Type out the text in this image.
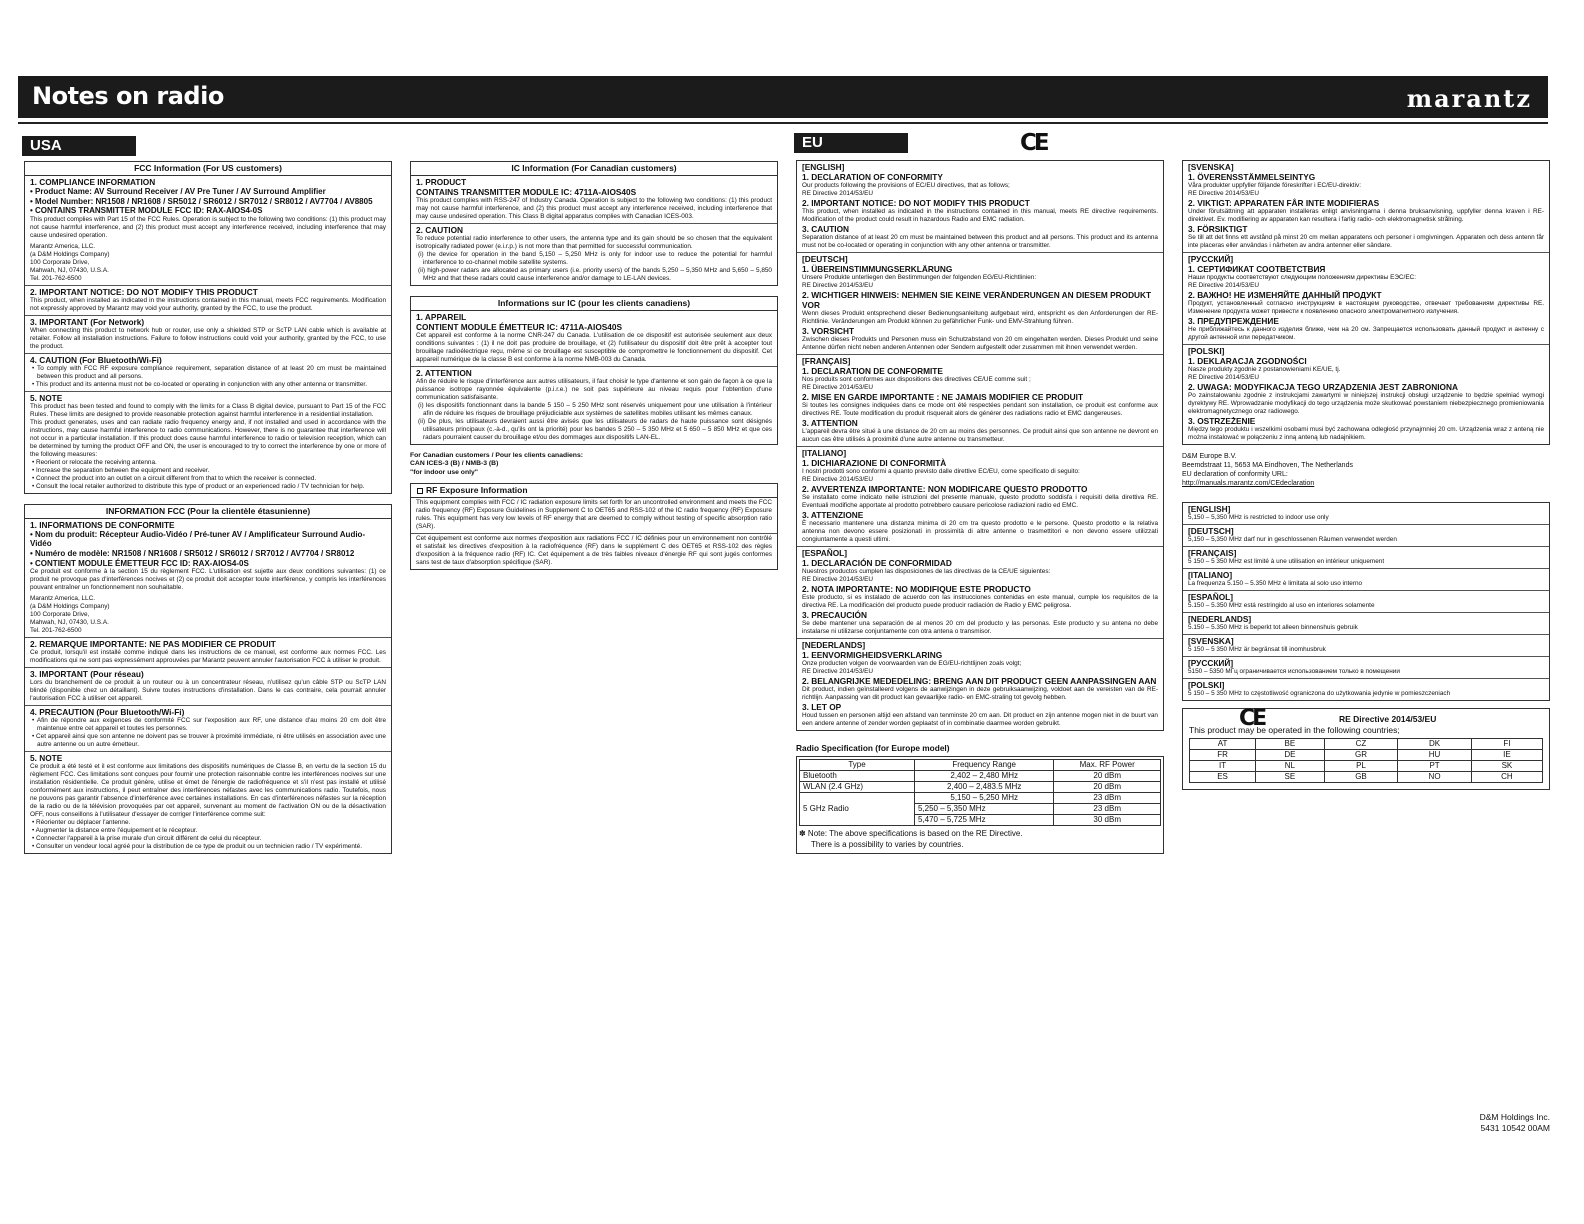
Notes on radio	marantz
USA CANADA
EU	CE
FCC Information (For US customers)
1. COMPLIANCE INFORMATION
• Product Name: AV Surround Receiver / AV Pre Tuner / AV Surround Amplifier
• Model Number: NR1508 / NR1608 / SR5012 / SR6012 / SR7012 / SR8012 / AV7704 / AV8805
• CONTAINS TRANSMITTER MODULE FCC ID: RAX-AIOS4-0S
This product complies with Part 15 of the FCC Rules. Operation is subject to the following two conditions: (1) this product may not cause harmful interference, and (2) this product must accept any interference received, including interference that may cause undesired operation.
Marantz America, LLC.
(a D&M Holdings Company)
100 Corporate Drive,
Mahwah, NJ, 07430, U.S.A.
Tel. 201-762-6500
2. IMPORTANT NOTICE: DO NOT MODIFY THIS PRODUCT
This product, when installed as indicated in the instructions contained in this manual, meets FCC requirements. Modification not expressly approved by Marantz may void your authority, granted by the FCC, to use the product.
3. IMPORTANT (For Network)
When connecting this product to network hub or router, use only a shielded STP or ScTP LAN cable which is available at retailer. Follow all installation instructions. Failure to follow instructions could void your authority, granted by the FCC, to use the product.
4. CAUTION (For Bluetooth/Wi-Fi)
• To comply with FCC RF exposure compliance requirement, separation distance of at least 20 cm must be maintained between this product and all persons.
• This product and its antenna must not be co-located or operating in conjunction with any other antenna or transmitter.
5. NOTE
This product has been tested and found to comply with the limits for a Class B digital device, pursuant to Part 15 of the FCC Rules. These limits are designed to provide reasonable protection against harmful interference in a residential installation.
This product generates, uses and can radiate radio frequency energy and, if not installed and used in accordance with the instructions, may cause harmful interference to radio communications. However, there is no guarantee that interference will not occur in a particular installation. If this product does cause harmful interference to radio or television reception, which can be determined by turning the product OFF and ON, the user is encouraged to try to correct the interference by one or more of the following measures:
• Reorient or relocate the receiving antenna.
• Increase the separation between the equipment and receiver.
• Connect the product into an outlet on a circuit different from that to which the receiver is connected.
• Consult the local retailer authorized to distribute this type of product or an experienced radio / TV technician for help.
INFORMATION FCC (Pour la clientèle étasunienne)
1. INFORMATIONS DE CONFORMITE
• Nom du produit: Récepteur Audio-Vidéo / Pré-tuner AV / Amplificateur Surround Audio-Vidéo
• Numéro de modèle: NR1508 / NR1608 / SR5012 / SR6012 / SR7012 / AV7704 / SR8012
• CONTIENT MODULE ÉMETTEUR FCC ID: RAX-AIOS4-0S
Ce produit est conforme à la section 15 du règlement FCC. L'utilisation est sujette aux deux conditions suivantes: (1) ce produit ne provoque pas d'interférences nocives et (2) ce produit doit accepter toute interférence, y compris les interférences pouvant entraîner un fonctionnement non souhaitable.
Marantz America, LLC.
(a D&M Holdings Company)
100 Corporate Drive,
Mahwah, NJ, 07430, U.S.A.
Tel. 201-762-6500
2. REMARQUE IMPORTANTE: NE PAS MODIFIER CE PRODUIT
Ce produit, lorsqu'il est installé comme indiqué dans les instructions de ce manuel, est conforme aux normes FCC. Les modifications qui ne sont pas expressément approuvées par Marantz peuvent annuler l'autorisation FCC à utiliser le produit.
3. IMPORTANT (Pour réseau)
Lors du branchement de ce produit à un routeur ou à un concentrateur réseau, n'utilisez qu'un câble STP ou ScTP LAN blindé (disponible chez un détaillant). Suivre toutes instructions d'installation. Dans le cas contraire, cela pourrait annuler l'autorisation FCC à utiliser cet appareil.
4. PRECAUTION (Pour Bluetooth/Wi-Fi)
• Afin de répondre aux exigences de conformité FCC sur l'exposition aux RF, une distance d'au moins 20 cm doit être maintenue entre cet appareil et toutes les personnes.
• Cet appareil ainsi que son antenne ne doivent pas se trouver à proximité immédiate, ni être utilisés en association avec une autre antenne ou un autre émetteur.
5. NOTE
Ce produit a été testé et il est conforme aux limitations des dispositifs numériques de Classe B, en vertu de la section 15 du règlement FCC. Ces limitations sont conçues pour fournir une protection raisonnable contre les interférences nocives sur une installation résidentielle. Ce produit génère, utilise et émet de l'énergie de radiofréquence et s'il n'est pas installé et utilisé conformément aux instructions, il peut entraîner des interférences néfastes avec les communications radio. Toutefois, nous ne pouvons pas garantir l'absence d'interférence avec certaines installations. En cas d'interférences néfastes sur la réception de la radio ou de la télévision provoquées par cet appareil, survenant au moment de l'activation ON ou de la désactivation OFF, nous conseillons à l'utilisateur d'essayer de corriger l'interférence comme suit:
• Réorienter ou déplacer l'antenne.
• Augmenter la distance entre l'équipement et le récepteur.
• Connecter l'appareil à la prise murale d'un circuit différent de celui du récepteur.
• Consulter un vendeur local agréé pour la distribution de ce type de produit ou un technicien radio / TV expérimenté.
IC Information (For Canadian customers)
1. PRODUCT
CONTAINS TRANSMITTER MODULE IC: 4711A-AIOS40S
This product complies with RSS-247 of Industry Canada. Operation is subject to the following two conditions: (1) this product may not cause harmful interference, and (2) this product must accept any interference received, including interference that may cause undesired operation. This Class B digital apparatus complies with Canadian ICES-003.
2. CAUTION
To reduce potential radio interference to other users, the antenna type and its gain should be so chosen that the equivalent isotropically radiated power (e.i.r.p.) is not more than that permitted for successful communication.
(i) the device for operation in the band 5,150 – 5,250 MHz is only for indoor use to reduce the potential for harmful interference to co-channel mobile satellite systems.
(ii) high-power radars are allocated as primary users (i.e. priority users) of the bands 5,250 – 5,350 MHz and 5,650 – 5,850 MHz and that these radars could cause interference and/or damage to LE-LAN devices.
Informations sur IC (pour les clients canadiens)
1. APPAREIL
CONTIENT MODULE ÉMETTEUR IC: 4711A-AIOS40S
Cet appareil est conforme à la norme CNR-247 du Canada. L'utilisation de ce dispositif est autorisée seulement aux deux conditions suivantes : (1) il ne doit pas produire de brouillage, et (2) l'utilisateur du dispositif doit être prêt à accepter tout brouillage radioélectrique reçu, même si ce brouillage est susceptible de compromettre le fonctionnement du dispositif. Cet appareil numérique de la classe B est conforme à la norme NMB-003 du Canada.
2. ATTENTION
Afin de réduire le risque d'interférence aux autres utilisateurs, il faut choisir le type d'antenne et son gain de façon à ce que la puissance isotrope rayonnée équivalente (p.i.r.e.) ne soit pas supérieure au niveau requis pour l'obtention d'une communication satisfaisante.
(i) les dispositifs fonctionnant dans la bande 5 150 – 5 250 MHz sont réservés uniquement pour une utilisation à l'intérieur afin de réduire les risques de brouillage préjudiciable aux systèmes de satellites mobiles utilisant les mêmes canaux.
(ii) De plus, les utilisateurs devraient aussi être avisés que les utilisateurs de radars de haute puissance sont désignés utilisateurs principaux (c.-à-d., qu'ils ont la priorité) pour les bandes 5 250 – 5 350 MHz et 5 650 – 5 850 MHz et que ces radars pourraient causer du brouillage et/ou des dommages aux dispositifs LAN-EL.
For Canadian customers / Pour les clients canadiens:
CAN ICES-3 (B) / NMB-3 (B)
"for indoor use only"
RF Exposure Information
This equipment complies with FCC / IC radiation exposure limits set forth for an uncontrolled environment and meets the FCC radio frequency (RF) Exposure Guidelines in Supplement C to OET65 and RSS-102 of the IC radio frequency (RF) Exposure rules. This equipment has very low levels of RF energy that are deemed to comply without testing of specific absorption ratio (SAR).
Cet équipement est conforme aux normes d'exposition aux radiations FCC / IC définies pour un environnement non contrôlé et satisfait les directives d'exposition à la radiofréquence (RF) dans le supplément C des OET65 et RSS-102 des règles d'exposition à la fréquence radio (RF) IC. Cet équipement a de très faibles niveaux d'énergie RF qui sont jugés conformes sans test de taux d'absorption spécifique (SAR).
[ENGLISH]
1. DECLARATION OF CONFORMITY
Our products following the provisions of EC/EU directives, that as follows;
RE Directive 2014/53/EU
2. IMPORTANT NOTICE: DO NOT MODIFY THIS PRODUCT
This product, when installed as indicated in the instructions contained in this manual, meets RE directive requirements. Modification of the product could result in hazardous Radio and EMC radiation.
3. CAUTION
Separation distance of at least 20 cm must be maintained between this product and all persons. This product and its antenna must not be co-located or operating in conjunction with any other antenna or transmitter.
[DEUTSCH]
1. ÜBEREINSTIMMUNGSERKLÄRUNG
Unsere Produkte unterliegen den Bestimmungen der folgenden EG/EU-Richtlinien:
RE Directive 2014/53/EU
2. WICHTIGER HINWEIS: NEHMEN SIE KEINE VERÄNDERUNGEN AN DIESEM PRODUKT VOR
Wenn dieses Produkt entsprechend dieser Bedienungsanleitung aufgebaut wird, entspricht es den Anforderungen der RE-Richtlinie. Veränderungen am Produkt können zu gefährlicher Funk- und EMV-Strahlung führen.
3. VORSICHT
Zwischen dieses Produkts und Personen muss ein Schutzabstand von 20 cm eingehalten werden. Dieses Produkt und seine Antenne dürfen nicht neben anderen Antennen oder Sendern aufgestellt oder zusammen mit ihnen verwendet werden.
[FRANÇAIS]
1. DECLARATION DE CONFORMITE
Nos produits sont conformes aux dispositions des directives CE/UE comme suit ;
RE Directive 2014/53/EU
2. MISE EN GARDE IMPORTANTE : NE JAMAIS MODIFIER CE PRODUIT
Si toutes les consignes indiquées dans ce mode ont été respectées pendant son installation, ce produit est conforme aux directives RE. Toute modification du produit risquerait alors de générer des radiations radio et EMC dangereuses.
3. ATTENTION
L'appareil devra être situé à une distance de 20 cm au moins des personnes. Ce produit ainsi que son antenne ne devront en aucun cas être utilisés à proximité d'une autre antenne ou transmetteur.
[ITALIANO]
1. DICHIARAZIONE DI CONFORMITÀ
I nostri prodotti sono conformi a quanto previsto dalle direttive EC/EU, come specificato di seguito:
RE Directive 2014/53/EU
2. AVVERTENZA IMPORTANTE: NON MODIFICARE QUESTO PRODOTTO
Se installato come indicato nelle istruzioni del presente manuale, questo prodotto soddisfa i requisiti della direttiva RE. Eventuali modifiche apportate al prodotto potrebbero causare pericolose radiazioni radio ed EMC.
3. ATTENZIONE
È necessario mantenere una distanza minima di 20 cm tra questo prodotto e le persone. Questo prodotto e la relativa antenna non devono essere posizionati in prossimità di altre antenne o trasmettitori e non devono essere utilizzati congiuntamente a questi ultimi.
[ESPAÑOL]
1. DECLARACIÓN DE CONFORMIDAD
Nuestros productos cumplen las disposiciones de las directivas de la CE/UE siguientes:
RE Directive 2014/53/EU
2. NOTA IMPORTANTE: NO MODIFIQUE ESTE PRODUCTO
Este producto, si es instalado de acuerdo con las instrucciones contenidas en este manual, cumple los requisitos de la directiva RE. La modificación del producto puede producir radiación de Radio y EMC peligrosa.
3. PRECAUCIÓN
Se debe mantener una separación de al menos 20 cm del producto y las personas. Este producto y su antena no debe instalarse ni utilizarse conjuntamente con otra antena o transmisor.
[NEDERLANDS]
1. EENVORMIGHEIDSVERKLARING
Onze producten volgen de voorwaarden van de EG/EU-richtlijnen zoals volgt;
RE Directive 2014/53/EU
2. BELANGRIJKE MEDEDELING: BRENG AAN DIT PRODUCT GEEN AANPASSINGEN AAN
Dit product, indien geïnstalleerd volgens de aanwijzingen in deze gebruiksaanwijzing, voldoet aan de vereisten van de RE-richtlijn. Aanpassing van dit product kan gevaarlijke radio- en EMC-straling tot gevolg hebben.
3. LET OP
Houd tussen en personen altijd een afstand van tenminste 20 cm aan. Dit product en zijn antenne mogen niet in de buurt van een andere antenne of zender worden geplaatst of in combinatie daarmee worden gebruikt.
Radio Specification (for Europe model)
Type	Frequency Range	Max. RF Power
Bluetooth	2,402 – 2,480 MHz	20 dBm
WLAN (2.4 GHz)	2,400 – 2,483.5 MHz	20 dBm
5 GHz Radio	5,150 – 5,250 MHz	23 dBm
	5,250 – 5,350 MHz	23 dBm
	5,470 – 5,725 MHz	30 dBm
✽ Note: The above specifications is based on the RE Directive.
There is a possibility to varies by countries.
[SVENSKA]
1. ÖVERENSSTÄMMELSEINTYG
Våra produkter uppfyller följande föreskrifter i EC/EU-direktiv:
RE Directive 2014/53/EU
2. VIKTIGT: APPARATEN FÅR INTE MODIFIERAS
Under förutsättning att apparaten installeras enligt anvisningarna i denna bruksanvisning, uppfyller denna kraven i RE-direktivet. Ev. modifiering av apparaten kan resultera i farlig radio- och elektromagnetisk strålning.
3. FÖRSIKTIGT
Se till att det finns ett avstånd på minst 20 cm mellan apparatens och personer i omgivningen. Apparaten och dess antenn får inte placeras eller användas i närheten av andra antenner eller sändare.
[РУССКИЙ]
1. СЕРТИФИКАТ СООТВЕТСТВИЯ
Наши продукты соответствуют следующим положениям директивы ЕЭС/ЕС:
RE Directive 2014/53/EU
2. ВАЖНО! НЕ ИЗМЕНЯЙТЕ ДАННЫЙ ПРОДУКТ
Продукт, установленный согласно инструкциям в настоящем руководстве, отвечает требованиям директивы RE. Изменение продукта может привести к появлению опасного электромагнитного излучения.
3. ПРЕДУПРЕЖДЕНИЕ
Не приближайтесь к данного изделия ближе, чем на 20 см. Запрещается использовать данный продукт и антенну с другой антенной или передатчиком.
[POLSKI]
1. DEKLARACJA ZGODNOŚCI
Nasze produkty zgodnie z postanowieniami KE/UE, tj.
RE Directive 2014/53/EU
2. UWAGA: MODYFIKACJA TEGO URZĄDZENIA JEST ZABRONIONA
Po zainstalowaniu zgodnie z instrukcjami zawartymi w niniejszej instrukcji obsługi urządzenie to będzie spełniać wymogi dyrektywy RE. Wprowadzanie modyfikacji do tego urządzenia może skutkować powstaniem niebezpiecznego promieniowania elektromagnetycznego oraz radiowego.
3. OSTRZEŻENIE
Między tego produktu i wszelkimi osobami musi być zachowana odległość przynajmniej 20 cm. Urządzenia wraz z anteną nie można instalować w połączeniu z inną anteną lub nadajnikiem.
D&M Europe B.V.
Beemdstraat 11, 5653 MA Eindhoven, The Netherlands
EU declaration of conformity URL:
http://manuals.marantz.com/CEdeclaration
[ENGLISH]
5,150 – 5,350 MHz is restricted to indoor use only
[DEUTSCH]
5,150 – 5,350 MHz darf nur in geschlossenen Räumen verwendet werden
[FRANÇAIS]
5 150 – 5 350 MHz est limité à une utilisation en intérieur uniquement
[ITALIANO]
La frequenza 5.150 – 5.350 MHz è limitata al solo uso interno
[ESPAÑOL]
5.150 – 5.350 MHz está restringido al uso en interiores solamente
[NEDERLANDS]
5.150 – 5.350 MHz is beperkt tot alleen binnenshuis gebruik
[SVENSKA]
5 150 – 5 350 MHz är begränsat till inomhusbruk
[РУССКИЙ]
5150 – 5350 МГц ограничивается использованием только в помещении
[POLSKI]
5 150 – 5 350 MHz to częstotliwość ograniczona do użytkowania jedynie w pomieszczeniach
CE	RE Directive 2014/53/EU
This product may be operated in the following countries;
AT	BE	CZ	DK	FI
FR	DE	GR	HU	IE
IT	NL	PL	PT	SK
ES	SE	GB	NO	CH
D&M Holdings Inc.
5431 10542 00AM
